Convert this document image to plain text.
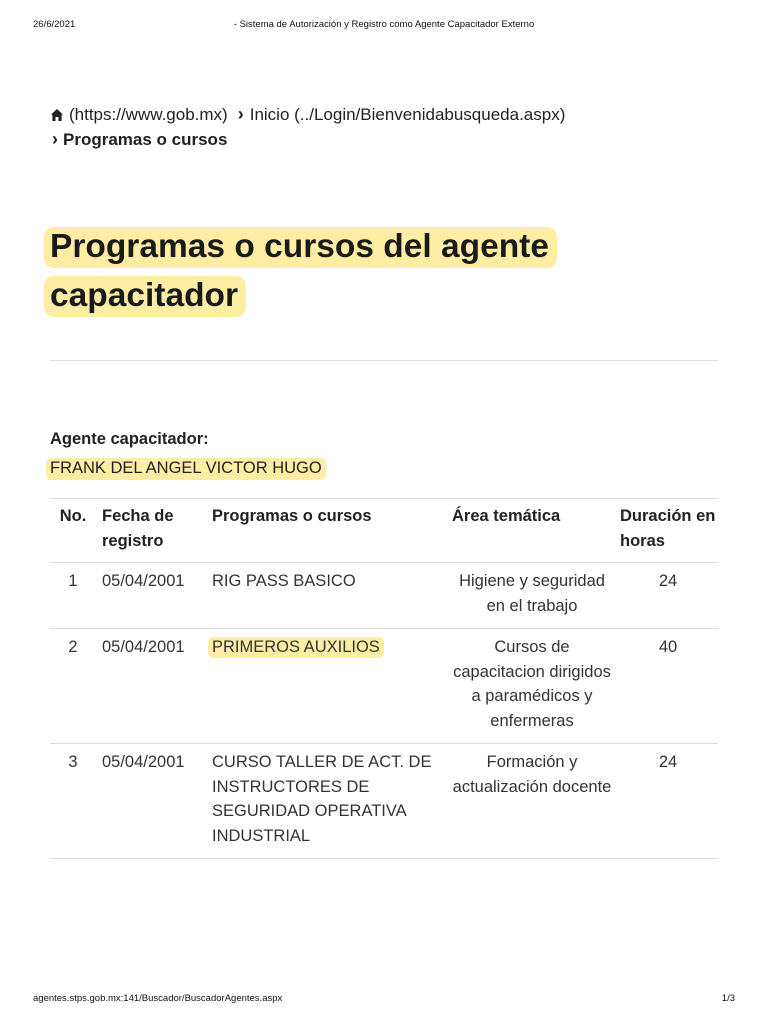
26/6/2021	- Sistema de Autorización y Registro como Agente Capacitador Externo
(https://www.gob.mx) › Inicio (../Login/Bienvenidabusqueda.aspx)
› Programas o cursos
Programas o cursos del agente capacitador
Agente capacitador:
FRANK DEL ANGEL VICTOR HUGO
No.	Fecha de registro	Programas o cursos	Área temática	Duración en horas
1	05/04/2001	RIG PASS BASICO	Higiene y seguridad en el trabajo	24
2	05/04/2001	PRIMEROS AUXILIOS	Cursos de capacitacion dirigidos a paramédicos y enfermeras	40
3	05/04/2001	CURSO TALLER DE ACT. DE INSTRUCTORES DE SEGURIDAD OPERATIVA INDUSTRIAL	Formación y actualización docente	24
agentes.stps.gob.mx:141/Buscador/BuscadorAgentes.aspx	1/3
